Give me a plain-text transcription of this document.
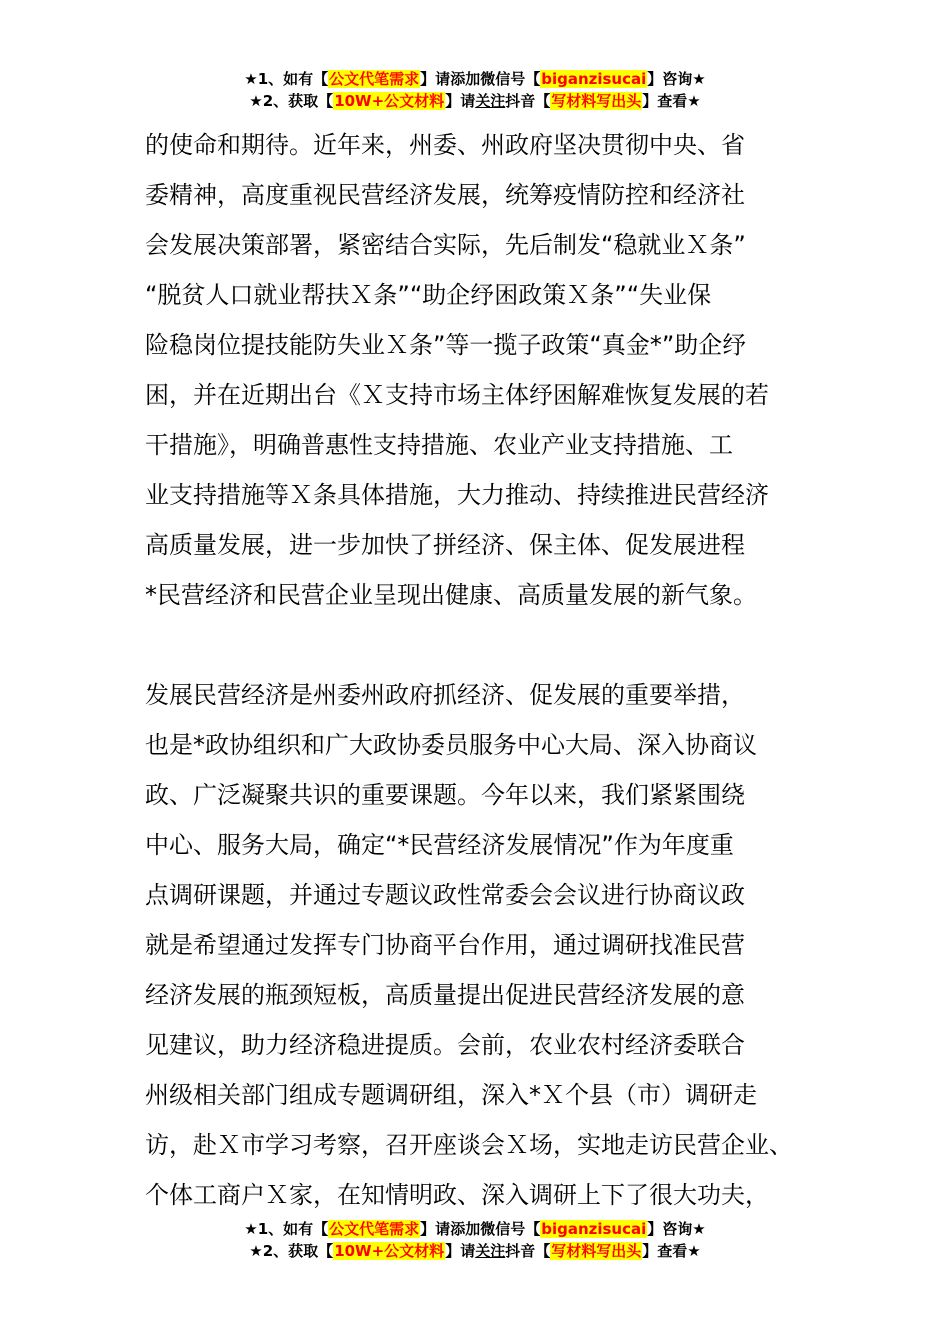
★1、如有【公文代笔需求】请添加微信号【biganzisucai】咨询★
★2、获取【10W+公文材料】请关注抖音【写材料写出头】查看★

的使命和期待。近年来，州委、州政府坚决贯彻中央、省
委精神，高度重视民营经济发展，统筹疫情防控和经济社
会发展决策部署，紧密结合实际，先后制发“稳就业Ｘ条”
“脱贫人口就业帮扶Ｘ条”“助企纾困政策Ｘ条”“失业保
险稳岗位提技能防失业Ｘ条”等一揽子政策“真金*”助企纾
困，并在近期出台《Ｘ支持市场主体纾困解难恢复发展的若
干措施》，明确普惠性支持措施、农业产业支持措施、工
业支持措施等Ｘ条具体措施，大力推动、持续推进民营经济
高质量发展，进一步加快了拼经济、保主体、促发展进程
*民营经济和民营企业呈现出健康、高质量发展的新气象。

发展民营经济是州委州政府抓经济、促发展的重要举措，
也是*政协组织和广大政协委员服务中心大局、深入协商议
政、广泛凝聚共识的重要课题。今年以来，我们紧紧围绕
中心、服务大局，确定“*民营经济发展情况”作为年度重
点调研课题，并通过专题议政性常委会会议进行协商议政
就是希望通过发挥专门协商平台作用，通过调研找准民营
经济发展的瓶颈短板，高质量提出促进民营经济发展的意
见建议，助力经济稳进提质。会前，农业农村经济委联合
州级相关部门组成专题调研组，深入*Ｘ个县（市）调研走
访，赴Ｘ市学习考察，召开座谈会Ｘ场，实地走访民营企业、
个体工商户Ｘ家，在知情明政、深入调研上下了很大功夫，

★1、如有【公文代笔需求】请添加微信号【biganzisucai】咨询★
★2、获取【10W+公文材料】请关注抖音【写材料写出头】查看★
